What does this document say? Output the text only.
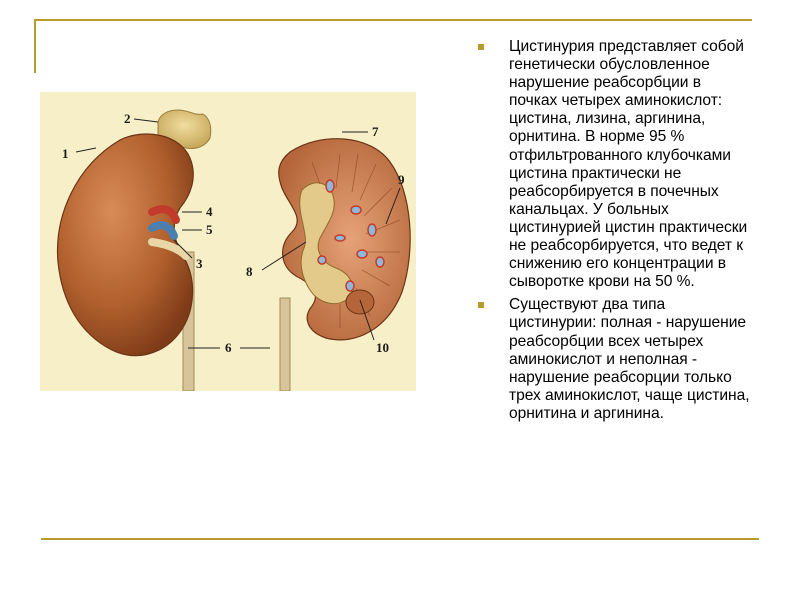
1
2
3
4
5
6
7
8
9
10
Цистинурия представляет собой генетически обусловленное нарушение реабсорбции в почках четырех аминокислот: цистина, лизина, аргинина, орнитина. В норме 95 % отфильтрованного клубочками цистина практически не реабсорбируется в почечных канальцах. У больных цистинурией цистин практически не реабсорбируется, что ведет к снижению его концентрации в сыворотке крови на 50 %.
Существуют два типа цистинурии: полная - нарушение реабсорбции всех четырех аминокислот и неполная - нарушение реабсорции только трех аминокислот, чаще цистина, орнитина и аргинина.
